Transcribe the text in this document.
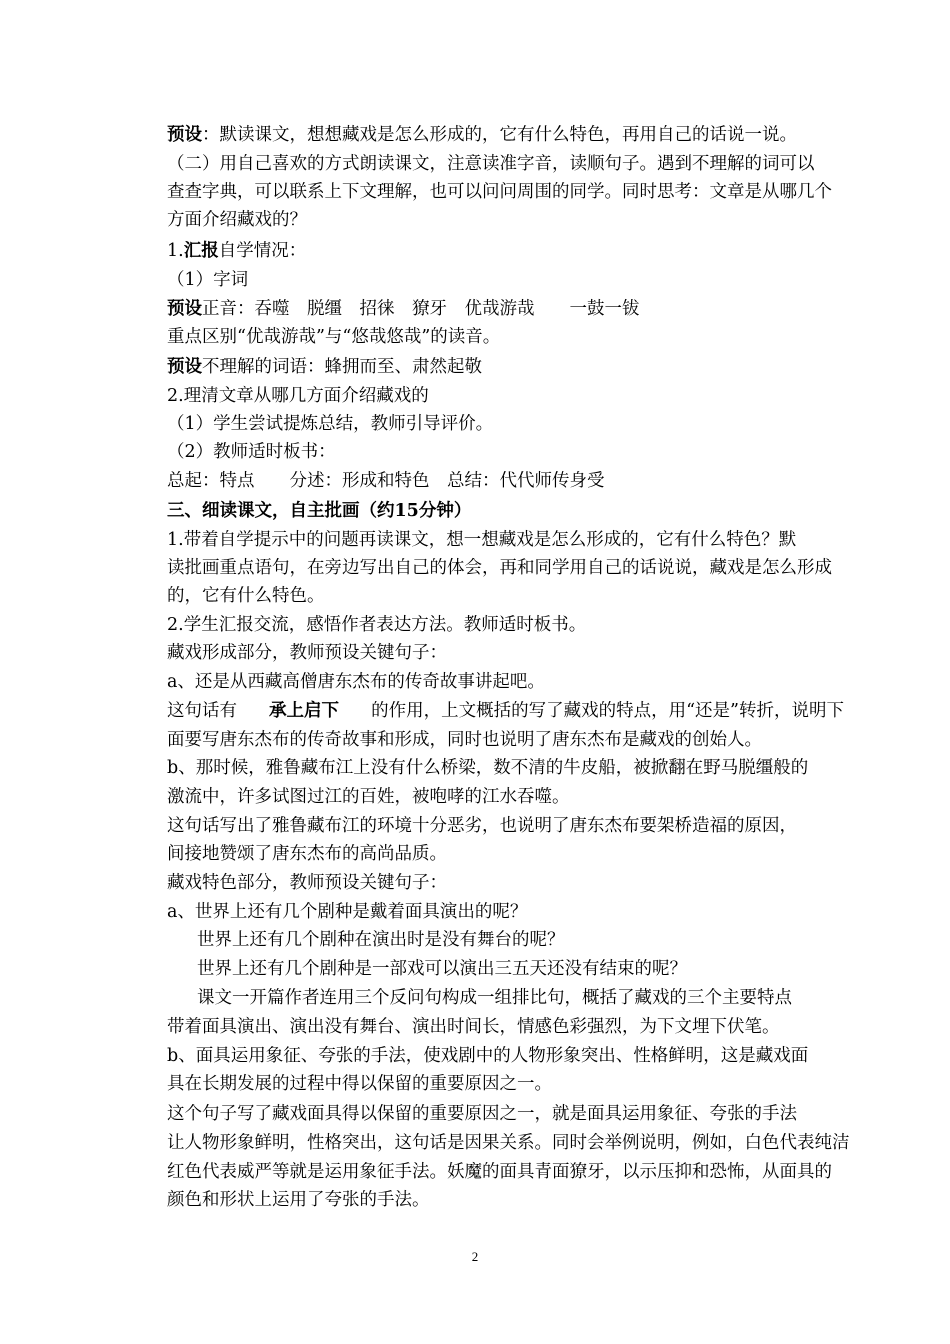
预设：默读课文，想想藏戏是怎么形成的，它有什么特色，再用自己的话说一说。
（二）用自己喜欢的方式朗读课文，注意读准字音，读顺句子。遇到不理解的词可以
查查字典，可以联系上下文理解，也可以问问周围的同学。同时思考：文章是从哪几个
方面介绍藏戏的？
1.汇报自学情况：
（1）字词
预设正音：吞噬　脱缰　招徕　獠牙　优哉游哉　　一鼓一钹
重点区别“优哉游哉”与“悠哉悠哉”的读音。
预设不理解的词语：蜂拥而至、肃然起敬
2.理清文章从哪几方面介绍藏戏的
（1）学生尝试提炼总结，教师引导评价。
（2）教师适时板书：
总起：特点　　分述：形成和特色　总结：代代师传身受
三、细读课文，自主批画（约15分钟）
1.带着自学提示中的问题再读课文，想一想藏戏是怎么形成的，它有什么特色？默
读批画重点语句，在旁边写出自己的体会，再和同学用自己的话说说，藏戏是怎么形成
的，它有什么特色。
2.学生汇报交流，感悟作者表达方法。教师适时板书。
藏戏形成部分，教师预设关键句子：
a、还是从西藏高僧唐东杰布的传奇故事讲起吧。
这句话有 承上启下 的作用，上文概括的写了藏戏的特点，用“还是”转折，说明下
面要写唐东杰布的传奇故事和形成，同时也说明了唐东杰布是藏戏的创始人。
b、那时候，雅鲁藏布江上没有什么桥梁，数不清的牛皮船，被掀翻在野马脱缰般的
激流中，许多试图过江的百姓，被咆哮的江水吞噬。
这句话写出了雅鲁藏布江的环境十分恶劣，也说明了唐东杰布要架桥造福的原因，
间接地赞颂了唐东杰布的高尚品质。
藏戏特色部分，教师预设关键句子：
a、世界上还有几个剧种是戴着面具演出的呢？
世界上还有几个剧种在演出时是没有舞台的呢？
世界上还有几个剧种是一部戏可以演出三五天还没有结束的呢？
课文一开篇作者连用三个反问句构成一组排比句，概括了藏戏的三个主要特点
带着面具演出、演出没有舞台、演出时间长，情感色彩强烈，为下文埋下伏笔。
b、面具运用象征、夸张的手法，使戏剧中的人物形象突出、性格鲜明，这是藏戏面
具在长期发展的过程中得以保留的重要原因之一。
这个句子写了藏戏面具得以保留的重要原因之一，就是面具运用象征、夸张的手法
让人物形象鲜明，性格突出，这句话是因果关系。同时会举例说明，例如，白色代表纯洁
红色代表威严等就是运用象征手法。妖魔的面具青面獠牙，以示压抑和恐怖，从面具的
颜色和形状上运用了夸张的手法。
2
